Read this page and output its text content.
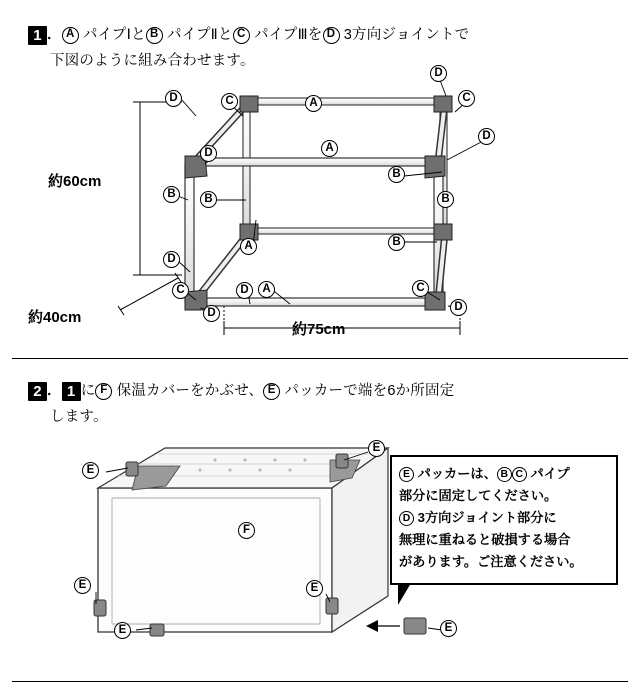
1 ． A パイプⅠと B パイプⅡと C パイプⅢを D 3方向ジョイントで
下図のように組み合わせます。
約60cm
約40cm
約75cm
D	C	A
D
C
D
A
D
B	B
B
B
A	B
D
C	A
D	C
D	D
2 ． 1 に F 保温カバーをかぶせ、 E パッカーで端を6か所固定
します。
E
E
F
E	E
E	E
E パッカーは、 B C パイプ
部分に固定してください。
D 3方向ジョイント部分に
無理に重ねると破損する場合
があります。ご注意ください。
